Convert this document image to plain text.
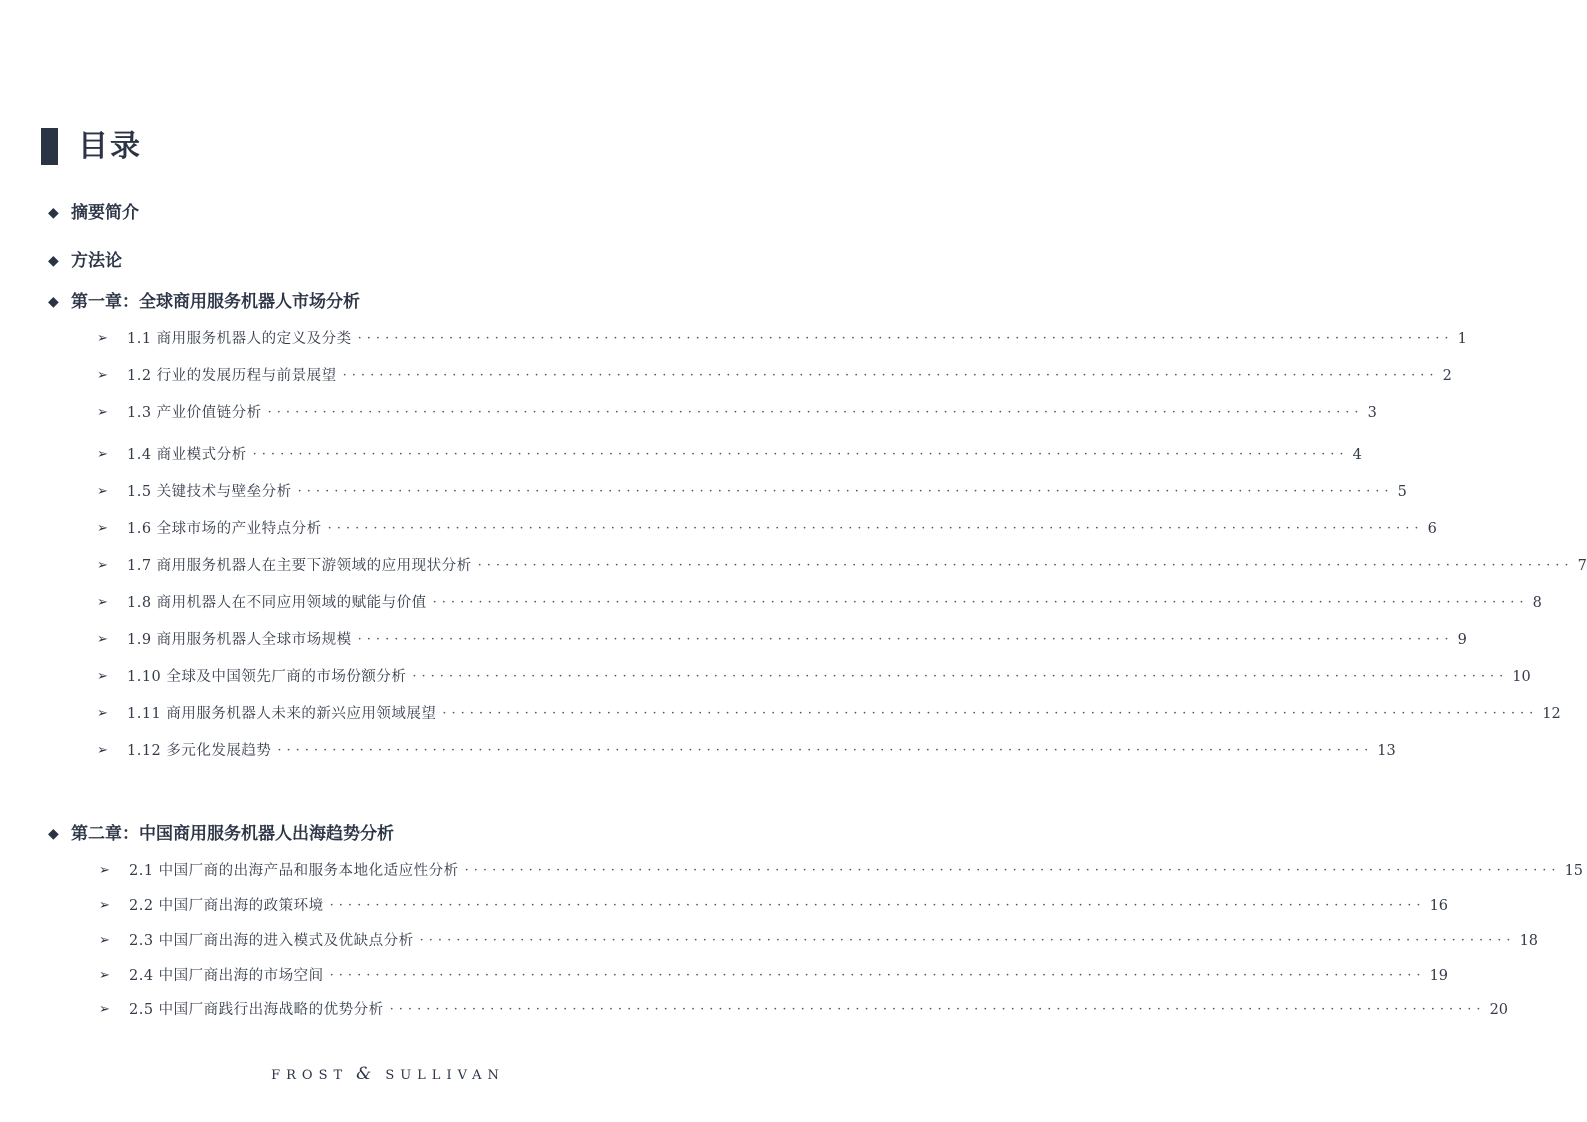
目录
◆ 摘要简介
◆ 方法论
◆ 第一章：全球商用服务机器人市场分析
➢	1.1 商用服务机器人的定义及分类 ························································································································ 1
➢	1.2 行业的发展历程与前景展望 ························································································································ 2
➢	1.3 产业价值链分析 ························································································································ 3
➢	1.4 商业模式分析 ························································································································ 4
➢	1.5 关键技术与壁垒分析 ························································································································ 5
➢	1.6 全球市场的产业特点分析 ························································································································ 6
➢	1.7 商用服务机器人在主要下游领域的应用现状分析 ························································································································ 7
➢	1.8 商用机器人在不同应用领域的赋能与价值 ························································································································ 8
➢	1.9 商用服务机器人全球市场规模 ························································································································ 9
➢	1.10 全球及中国领先厂商的市场份额分析 ························································································································ 10
➢	1.11 商用服务机器人未来的新兴应用领域展望 ························································································································ 12
➢	1.12 多元化发展趋势 ························································································································ 13
◆ 第二章：中国商用服务机器人出海趋势分析
➢	2.1 中国厂商的出海产品和服务本地化适应性分析 ························································································································ 15
➢	2.2 中国厂商出海的政策环境 ························································································································ 16
➢	2.3 中国厂商出海的进入模式及优缺点分析 ························································································································ 18
➢	2.4 中国厂商出海的市场空间 ························································································································ 19
➢	2.5 中国厂商践行出海战略的优势分析 ························································································································ 20
FROST & SULLIVAN
